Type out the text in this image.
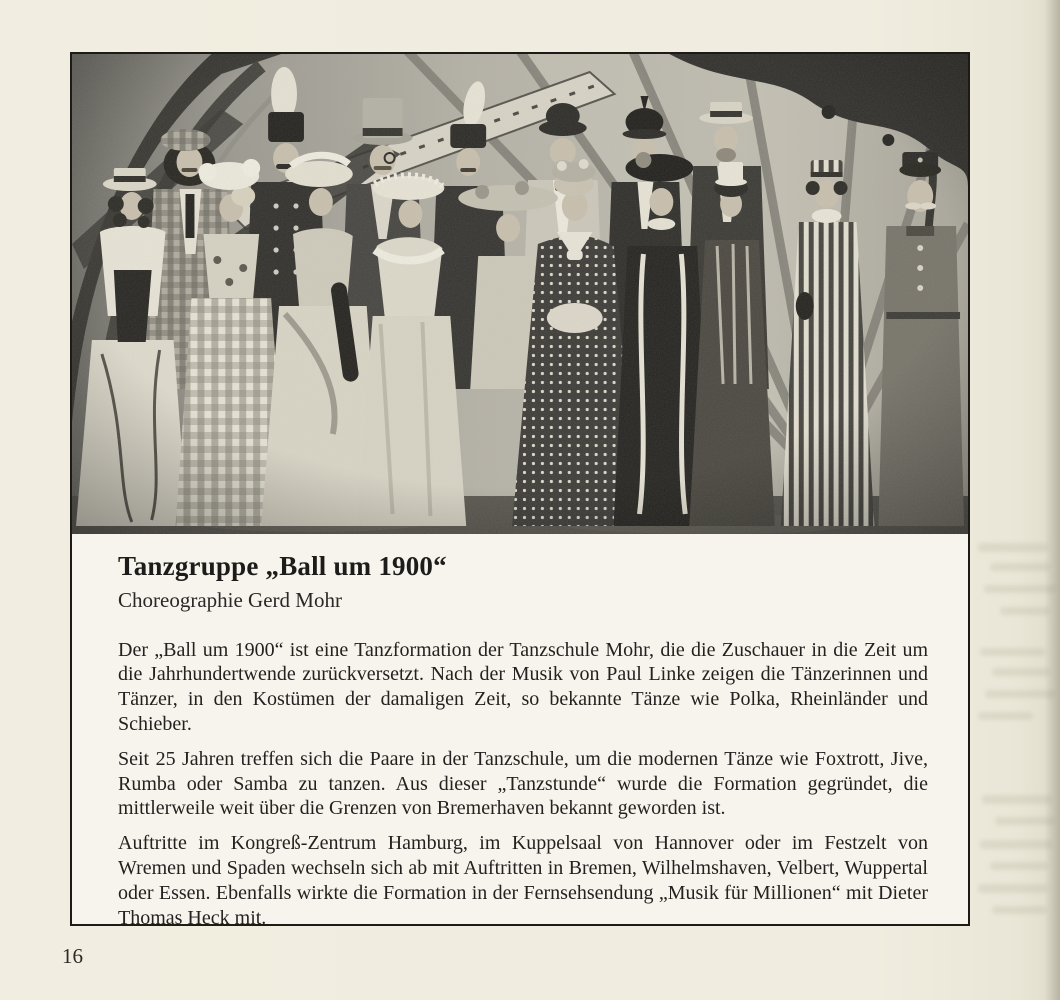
Tanzgruppe „Ball um 1900“
Choreographie Gerd Mohr

Der „Ball um 1900“ ist eine Tanzformation der Tanzschule Mohr, die die Zuschauer in die Zeit um die Jahrhundertwende zurückversetzt. Nach der Musik von Paul Linke zeigen die Tänzerinnen und Tänzer, in den Kostümen der damaligen Zeit, so bekannte Tänze wie Polka, Rheinländer und Schieber.

Seit 25 Jahren treffen sich die Paare in der Tanzschule, um die modernen Tänze wie Foxtrott, Jive, Rumba oder Samba zu tanzen. Aus dieser „Tanzstunde“ wurde die Formation gegründet, die mittlerweile weit über die Grenzen von Bremerhaven bekannt geworden ist.

Auftritte im Kongreß-Zentrum Hamburg, im Kuppelsaal von Hannover oder im Festzelt von Wremen und Spaden wechseln sich ab mit Auftritten in Bremen, Wilhelmshaven, Velbert, Wuppertal oder Essen. Ebenfalls wirkte die Formation in der Fernsehsendung „Musik für Millionen“ mit Dieter Thomas Heck mit.

16
